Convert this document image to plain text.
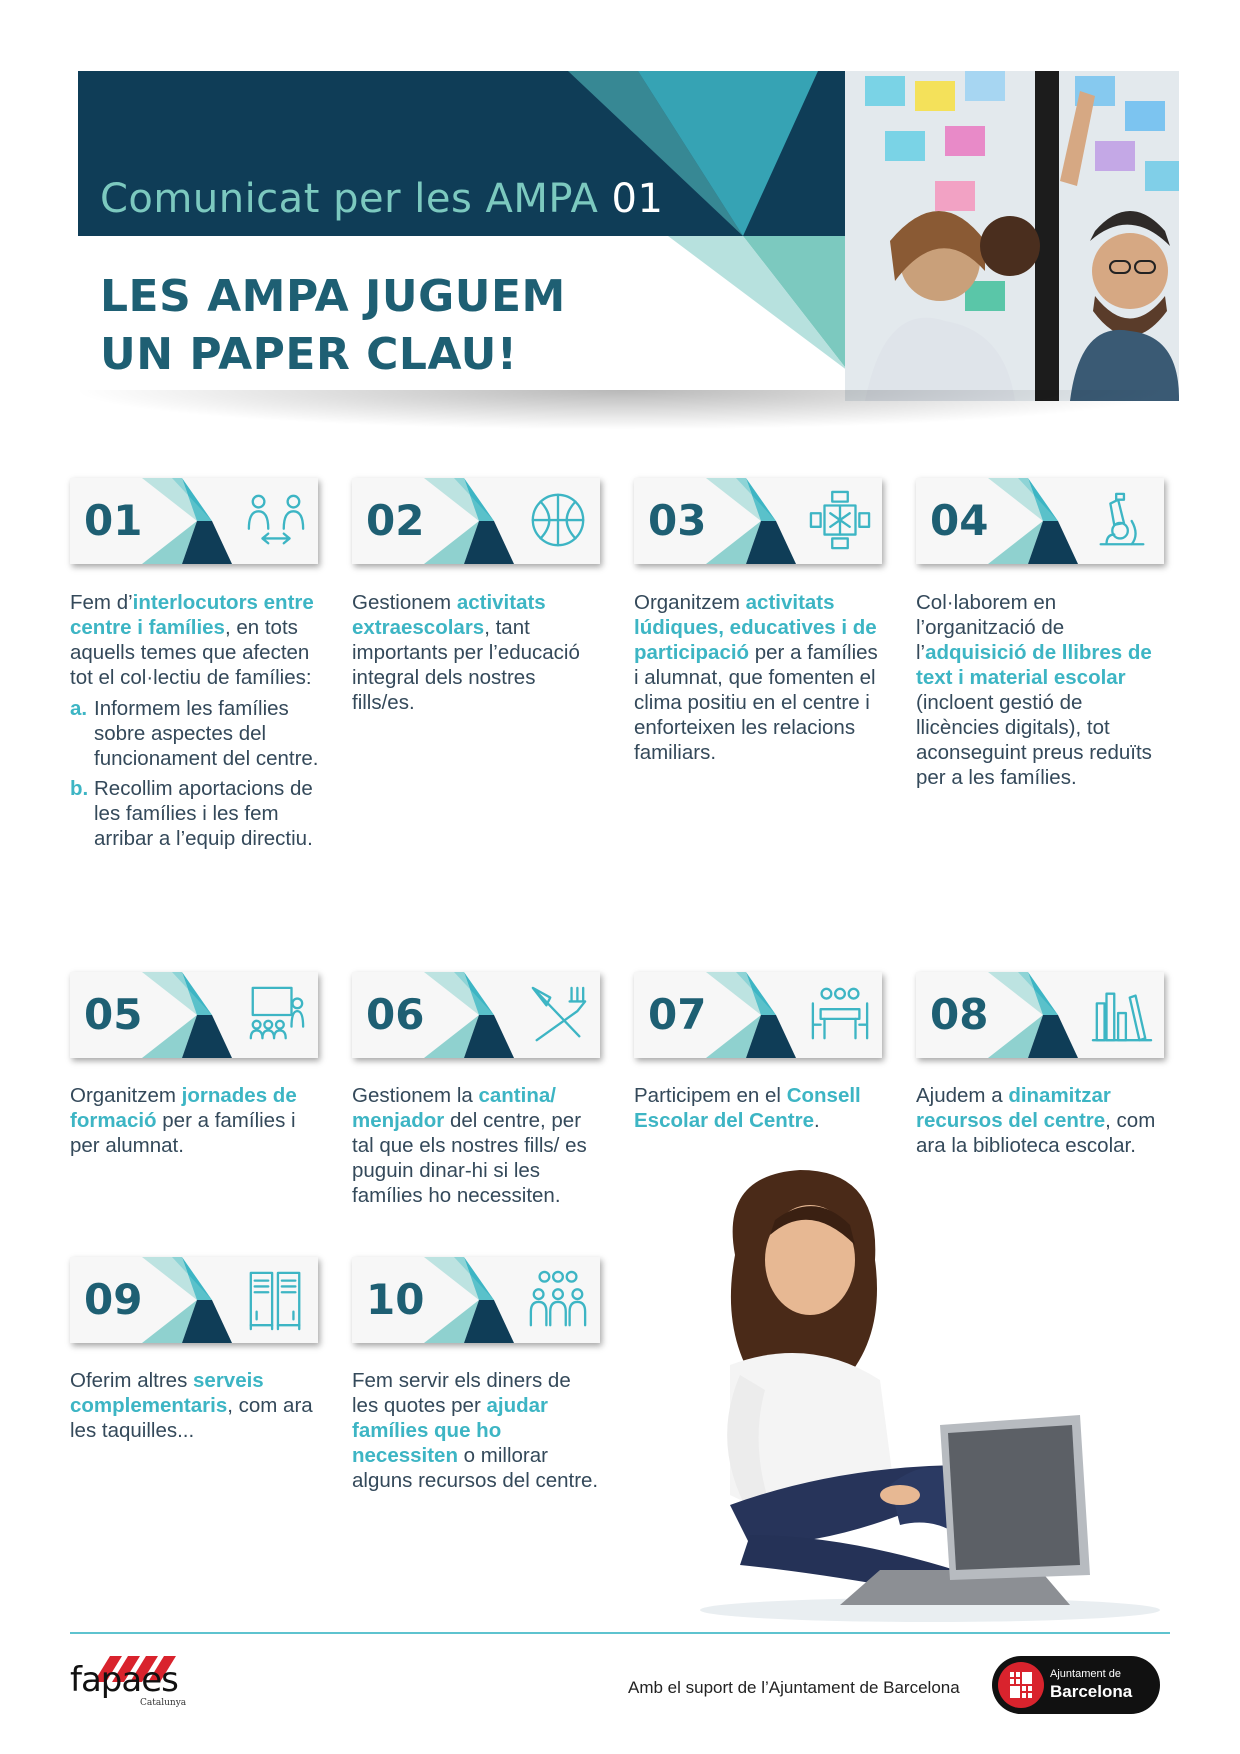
Comunicat per les AMPA 01
LES AMPA JUGUEM
UN PAPER CLAU!
01
Fem d’interlocutors entre centre i famílies, en tots aquells temes que afecten tot el col·lectiu de famílies:
a. Informem les famílies sobre aspectes del funcionament del centre.
b. Recollim aportacions de les famílies i les fem arribar a l’equip directiu.
02
Gestionem activitats extraescolars, tant importants per l’educació integral dels nostres fills/es.
03
Organitzem activitats lúdiques, educatives i de participació per a famílies i alumnat, que fomenten el clima positiu en el centre i enforteixen les relacions familiars.
04
Col·laborem en l’organització de l’adquisició de llibres de text i material escolar (incloent gestió de llicències digitals), tot aconseguint preus reduïts per a les famílies.
05
Organitzem jornades de formació per a famílies i per alumnat.
06
Gestionem la cantina/ menjador del centre, per tal que els nostres fills/ es puguin dinar-hi si les famílies ho necessiten.
07
Participem en el Consell Escolar del Centre.
08
Ajudem a dinamitzar recursos del centre, com ara la biblioteca escolar.
09
Oferim altres serveis complementaris, com ara les taquilles...
10
Fem servir els diners de les quotes per ajudar famílies que ho necessiten o millorar alguns recursos del centre.
fapaes
Catalunya
Amb el suport de l’Ajuntament de Barcelona
Ajuntament de
Barcelona
